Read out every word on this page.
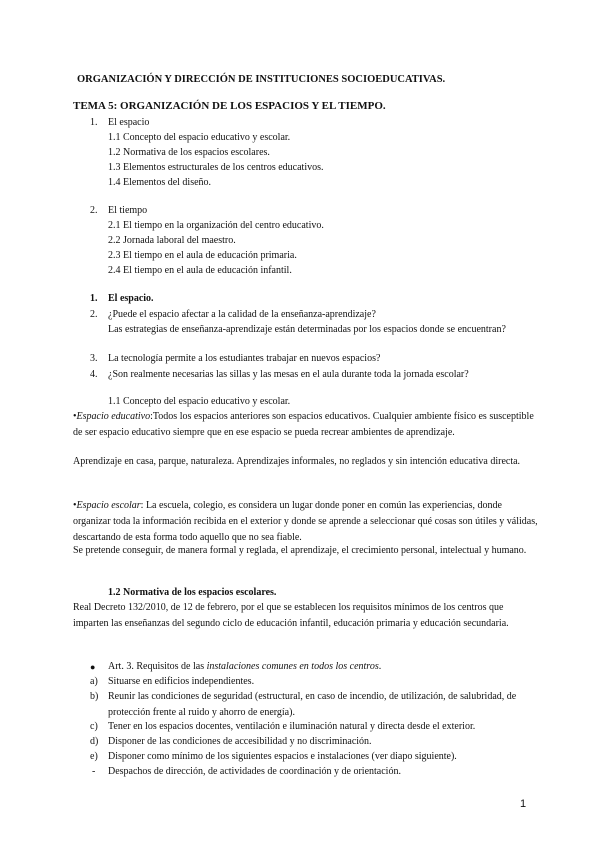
ORGANIZACIÓN Y DIRECCIÓN DE INSTITUCIONES SOCIOEDUCATIVAS.
TEMA 5: ORGANIZACIÓN DE LOS ESPACIOS Y EL TIEMPO.
1. El espacio
1.1 Concepto del espacio educativo y escolar.
1.2 Normativa de los espacios escolares.
1.3 Elementos estructurales de los centros educativos.
1.4 Elementos del diseño.
2. El tiempo
2.1 El tiempo en la organización del centro educativo.
2.2 Jornada laboral del maestro.
2.3 El tiempo en el aula de educación primaria.
2.4 El tiempo en el aula de educación infantil.
1. El espacio.
2. ¿Puede el espacio afectar a la calidad de la enseñanza-aprendizaje?
Las estrategias de enseñanza-aprendizaje están determinadas por los espacios donde se encuentran?
3. La tecnología permite a los estudiantes trabajar en nuevos espacios?
4. ¿Son realmente necesarias las sillas y las mesas en el aula durante toda la jornada escolar?
1.1 Concepto del espacio educativo y escolar.
•Espacio educativo:Todos los espacios anteriores son espacios educativos. Cualquier ambiente físico es susceptible de ser espacio educativo siempre que en ese espacio se pueda recrear ambientes de aprendizaje.
Aprendizaje en casa, parque, naturaleza. Aprendizajes informales, no reglados y sin intención educativa directa.
•Espacio escolar: La escuela, colegio, es considera un lugar donde poner en común las experiencias, donde organizar toda la información recibida en el exterior y donde se aprende a seleccionar qué cosas son útiles y válidas, descartando de esta forma todo aquello que no sea fiable.
Se pretende conseguir, de manera formal y reglada, el aprendizaje, el crecimiento personal, intelectual y humano.
1.2 Normativa de los espacios escolares.
Real Decreto 132/2010, de 12 de febrero, por el que se establecen los requisitos mínimos de los centros que imparten las enseñanzas del segundo ciclo de educación infantil, educación primaria y educación secundaria.
● Art. 3. Requisitos de las instalaciones comunes en todos los centros.
a) Situarse en edificios independientes.
b) Reunir las condiciones de seguridad (estructural, en caso de incendio, de utilización, de salubridad, de protección frente al ruido y ahorro de energía).
c) Tener en los espacios docentes, ventilación e iluminación natural y directa desde el exterior.
d) Disponer de las condiciones de accesibilidad y no discriminación.
e) Disponer como mínimo de los siguientes espacios e instalaciones (ver diapo siguiente).
- Despachos de dirección, de actividades de coordinación y de orientación.
1
